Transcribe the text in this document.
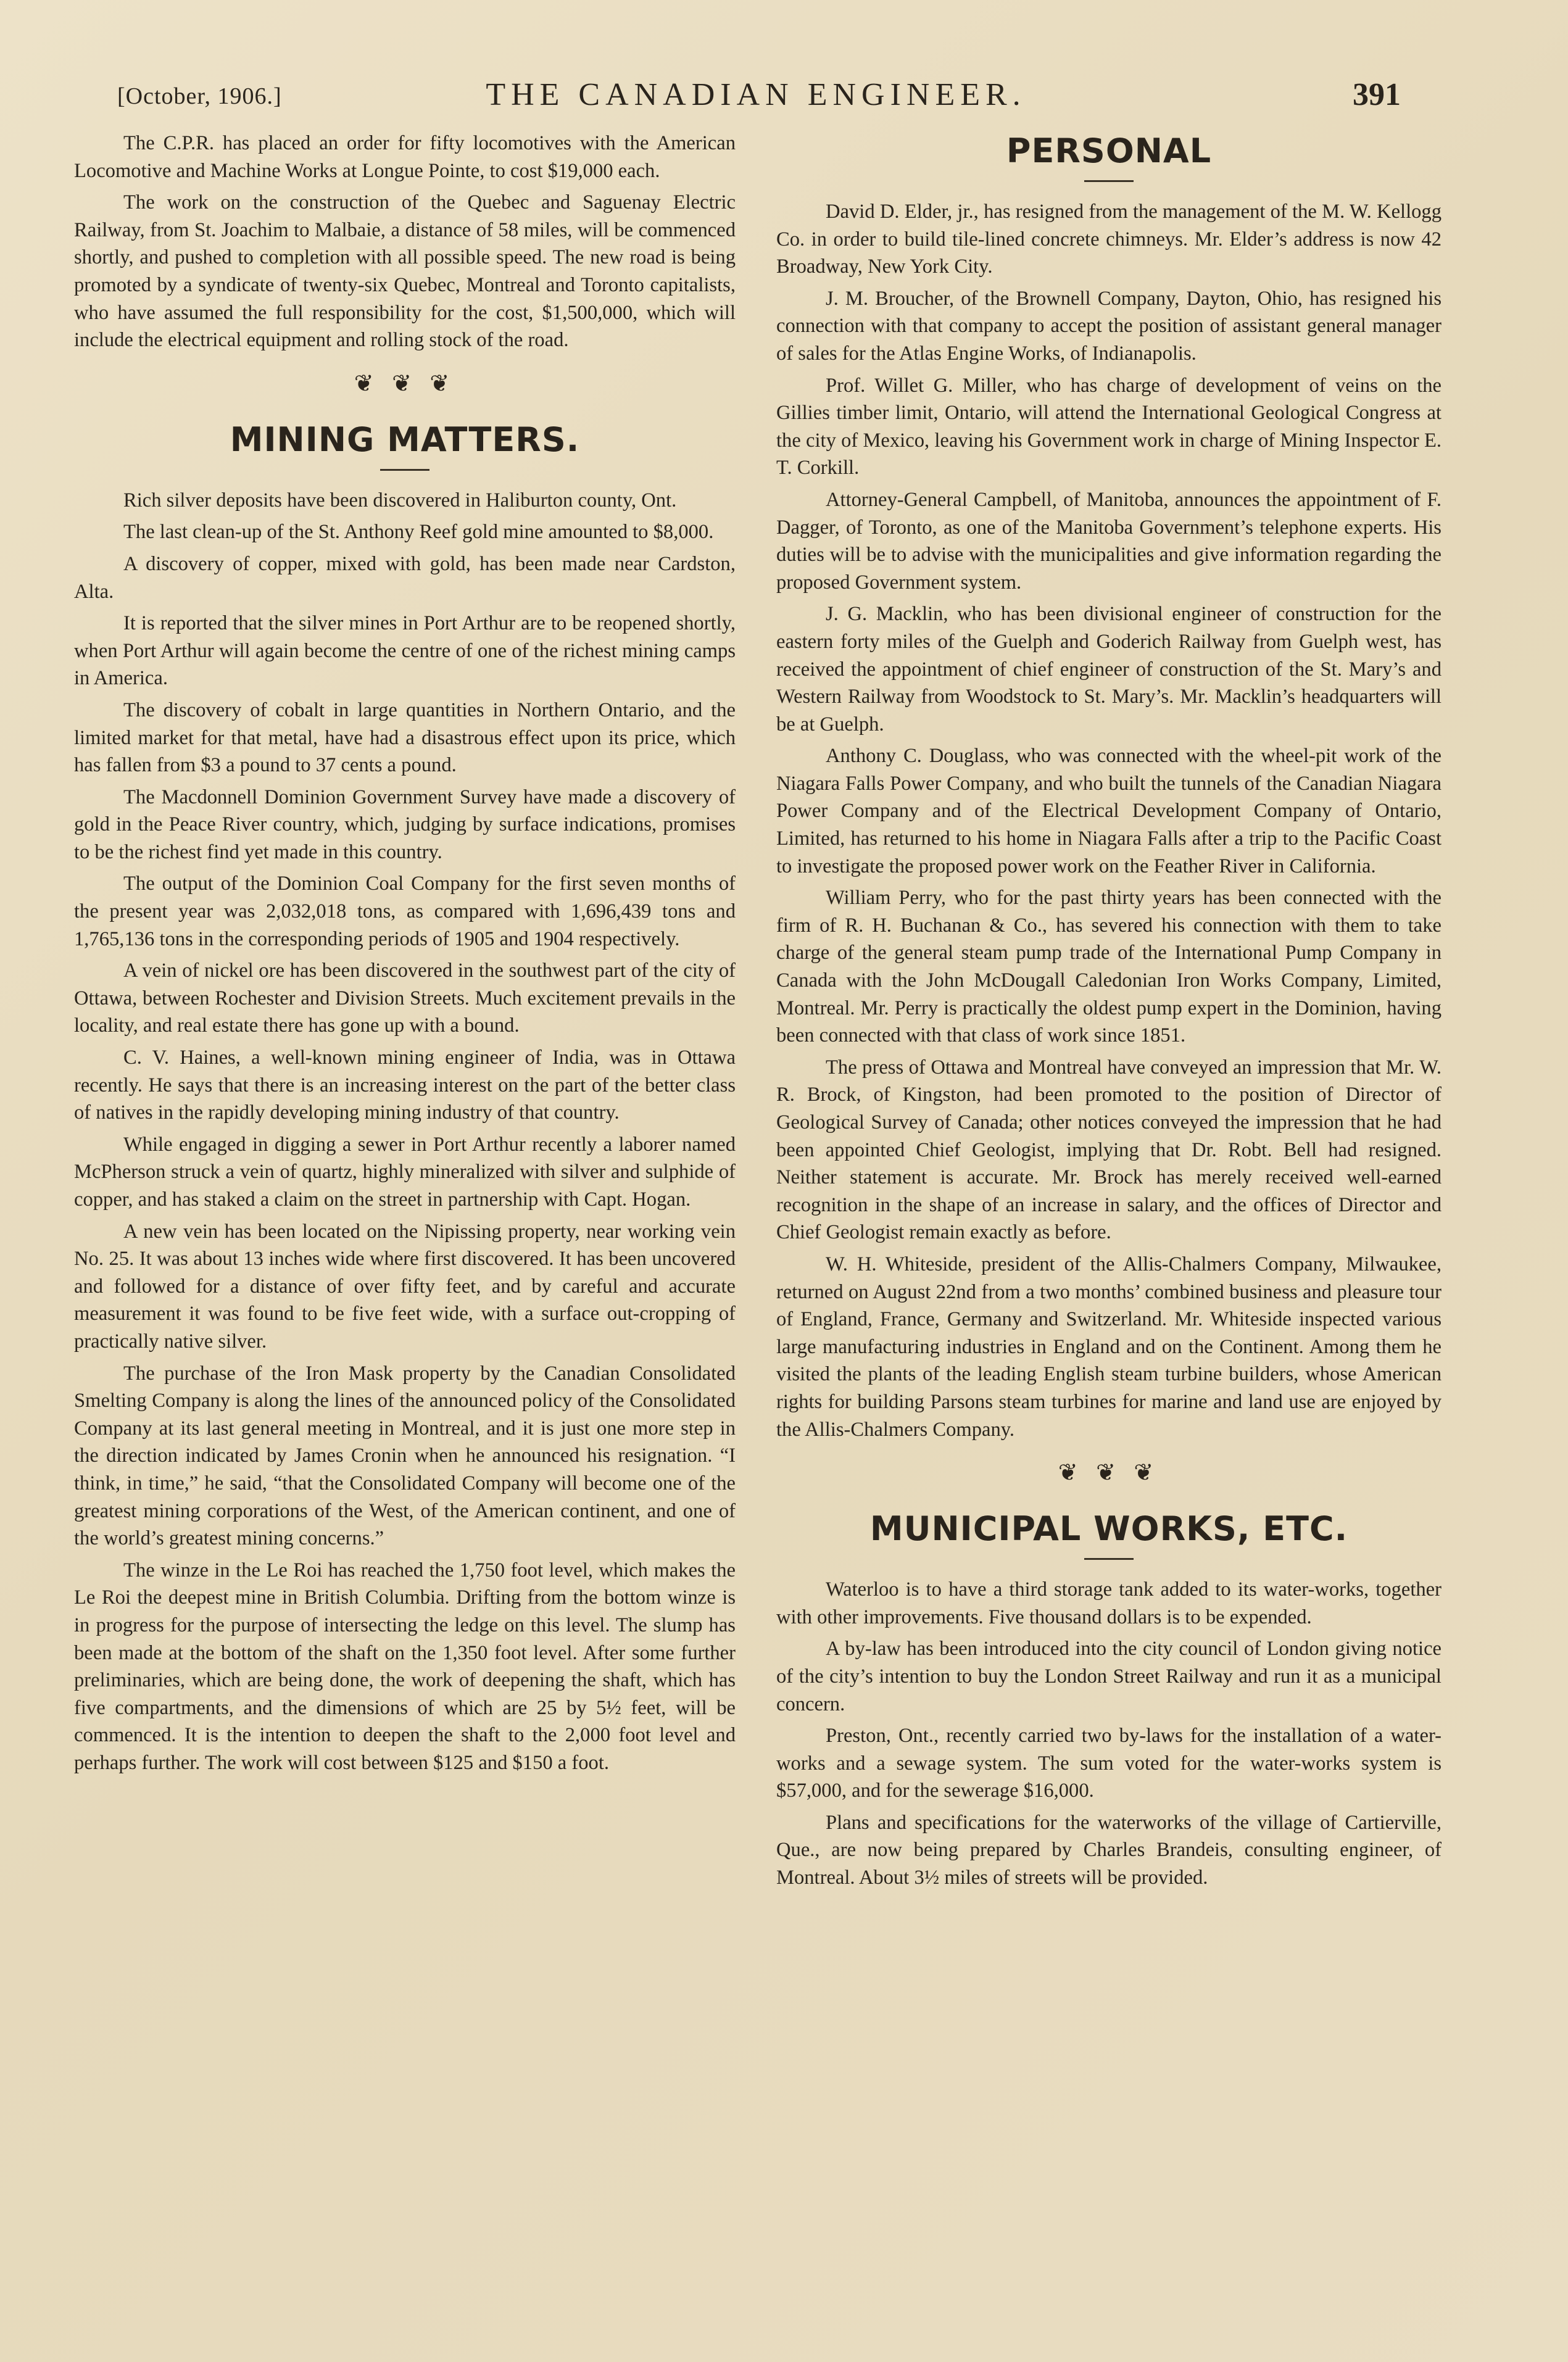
[October, 1906.]	THE CANADIAN ENGINEER.	391

The C.P.R. has placed an order for fifty locomotives with the American Locomotive and Machine Works at Longue Pointe, to cost $19,000 each.

The work on the construction of the Quebec and Saguenay Electric Railway, from St. Joachim to Malbaie, a distance of 58 miles, will be commenced shortly, and pushed to completion with all possible speed. The new road is being promoted by a syndicate of twenty-six Quebec, Montreal and Toronto capitalists, who have assumed the full responsibility for the cost, $1,500,000, which will include the electrical equipment and rolling stock of the road.

❦ ❦ ❦
MINING MATTERS.

Rich silver deposits have been discovered in Haliburton county, Ont.

The last clean-up of the St. Anthony Reef gold mine amounted to $8,000.

A discovery of copper, mixed with gold, has been made near Cardston, Alta.

It is reported that the silver mines in Port Arthur are to be reopened shortly, when Port Arthur will again become the centre of one of the richest mining camps in America.

The discovery of cobalt in large quantities in Northern Ontario, and the limited market for that metal, have had a disastrous effect upon its price, which has fallen from $3 a pound to 37 cents a pound.

The Macdonnell Dominion Government Survey have made a discovery of gold in the Peace River country, which, judging by surface indications, promises to be the richest find yet made in this country.

The output of the Dominion Coal Company for the first seven months of the present year was 2,032,018 tons, as compared with 1,696,439 tons and 1,765,136 tons in the corresponding periods of 1905 and 1904 respectively.

A vein of nickel ore has been discovered in the southwest part of the city of Ottawa, between Rochester and Division Streets. Much excitement prevails in the locality, and real estate there has gone up with a bound.

C. V. Haines, a well-known mining engineer of India, was in Ottawa recently. He says that there is an increasing interest on the part of the better class of natives in the rapidly developing mining industry of that country.

While engaged in digging a sewer in Port Arthur recently a laborer named McPherson struck a vein of quartz, highly mineralized with silver and sulphide of copper, and has staked a claim on the street in partnership with Capt. Hogan.

A new vein has been located on the Nipissing property, near working vein No. 25. It was about 13 inches wide where first discovered. It has been uncovered and followed for a distance of over fifty feet, and by careful and accurate measurement it was found to be five feet wide, with a surface out-cropping of practically native silver.

The purchase of the Iron Mask property by the Canadian Consolidated Smelting Company is along the lines of the announced policy of the Consolidated Company at its last general meeting in Montreal, and it is just one more step in the direction indicated by James Cronin when he announced his resignation. “I think, in time,” he said, “that the Consolidated Company will become one of the greatest mining corporations of the West, of the American continent, and one of the world’s greatest mining concerns.”

The winze in the Le Roi has reached the 1,750 foot level, which makes the Le Roi the deepest mine in British Columbia. Drifting from the bottom winze is in progress for the purpose of intersecting the ledge on this level. The slump has been made at the bottom of the shaft on the 1,350 foot level. After some further preliminaries, which are being done, the work of deepening the shaft, which has five compartments, and the dimensions of which are 25 by 5½ feet, will be commenced. It is the intention to deepen the shaft to the 2,000 foot level and perhaps further. The work will cost between $125 and $150 a foot.

PERSONAL

David D. Elder, jr., has resigned from the management of the M. W. Kellogg Co. in order to build tile-lined concrete chimneys. Mr. Elder’s address is now 42 Broadway, New York City.

J. M. Broucher, of the Brownell Company, Dayton, Ohio, has resigned his connection with that company to accept the position of assistant general manager of sales for the Atlas Engine Works, of Indianapolis.

Prof. Willet G. Miller, who has charge of development of veins on the Gillies timber limit, Ontario, will attend the International Geological Congress at the city of Mexico, leaving his Government work in charge of Mining Inspector E. T. Corkill.

Attorney-General Campbell, of Manitoba, announces the appointment of F. Dagger, of Toronto, as one of the Manitoba Government’s telephone experts. His duties will be to advise with the municipalities and give information regarding the proposed Government system.

J. G. Macklin, who has been divisional engineer of construction for the eastern forty miles of the Guelph and Goderich Railway from Guelph west, has received the appointment of chief engineer of construction of the St. Mary’s and Western Railway from Woodstock to St. Mary’s. Mr. Macklin’s headquarters will be at Guelph.

Anthony C. Douglass, who was connected with the wheel-pit work of the Niagara Falls Power Company, and who built the tunnels of the Canadian Niagara Power Company and of the Electrical Development Company of Ontario, Limited, has returned to his home in Niagara Falls after a trip to the Pacific Coast to investigate the proposed power work on the Feather River in California.

William Perry, who for the past thirty years has been connected with the firm of R. H. Buchanan & Co., has severed his connection with them to take charge of the general steam pump trade of the International Pump Company in Canada with the John McDougall Caledonian Iron Works Company, Limited, Montreal. Mr. Perry is practically the oldest pump expert in the Dominion, having been connected with that class of work since 1851.

The press of Ottawa and Montreal have conveyed an impression that Mr. W. R. Brock, of Kingston, had been promoted to the position of Director of Geological Survey of Canada; other notices conveyed the impression that he had been appointed Chief Geologist, implying that Dr. Robt. Bell had resigned. Neither statement is accurate. Mr. Brock has merely received well-earned recognition in the shape of an increase in salary, and the offices of Director and Chief Geologist remain exactly as before.

W. H. Whiteside, president of the Allis-Chalmers Company, Milwaukee, returned on August 22nd from a two months’ combined business and pleasure tour of England, France, Germany and Switzerland. Mr. Whiteside inspected various large manufacturing industries in England and on the Continent. Among them he visited the plants of the leading English steam turbine builders, whose American rights for building Parsons steam turbines for marine and land use are enjoyed by the Allis-Chalmers Company.

❦ ❦ ❦
MUNICIPAL WORKS, ETC.

Waterloo is to have a third storage tank added to its water-works, together with other improvements. Five thousand dollars is to be expended.

A by-law has been introduced into the city council of London giving notice of the city’s intention to buy the London Street Railway and run it as a municipal concern.

Preston, Ont., recently carried two by-laws for the installation of a water-works and a sewage system. The sum voted for the water-works system is $57,000, and for the sewerage $16,000.

Plans and specifications for the waterworks of the village of Cartierville, Que., are now being prepared by Charles Brandeis, consulting engineer, of Montreal. About 3½ miles of streets will be provided.
